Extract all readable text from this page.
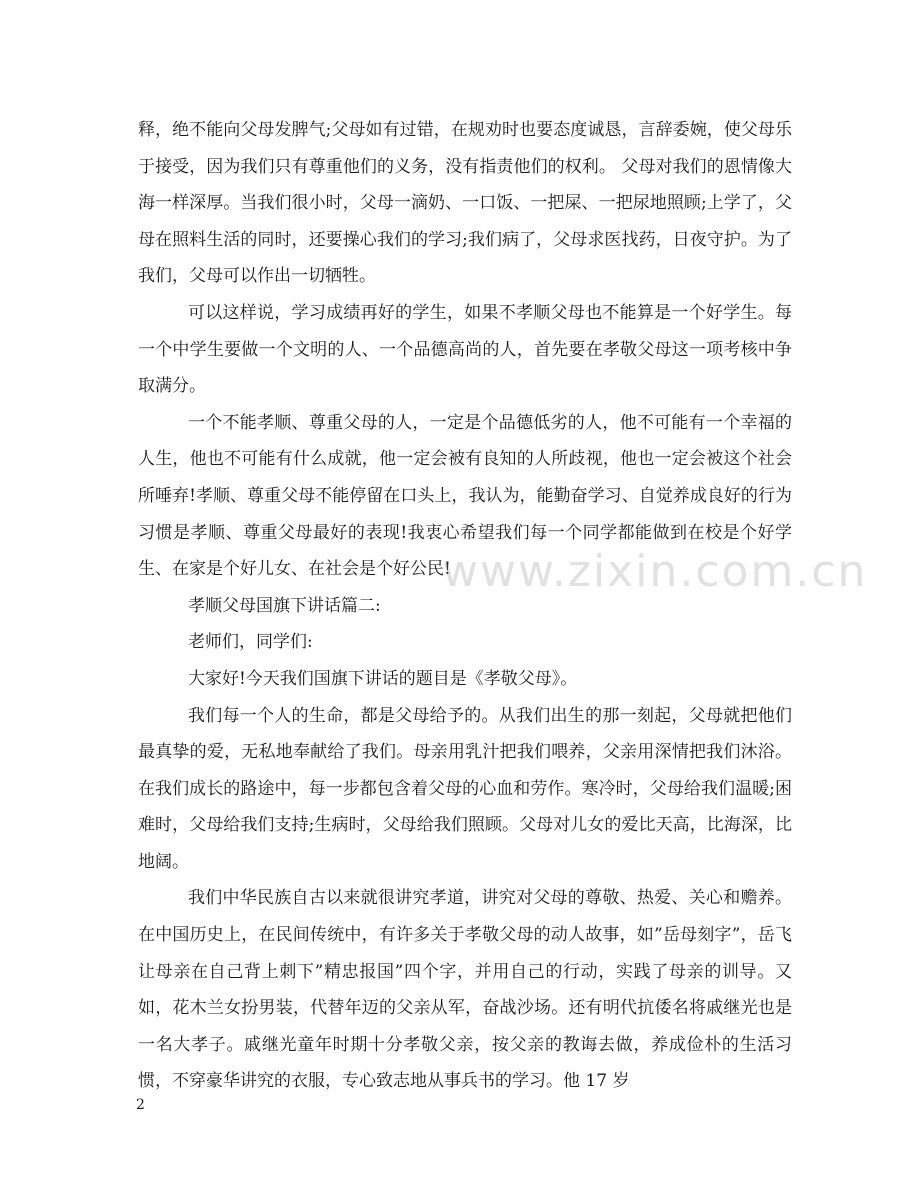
释，绝不能向父母发脾气;父母如有过错，在规劝时也要态度诚恳，言辞委婉，使父母乐于接受，因为我们只有尊重他们的义务，没有指责他们的权利。 父母对我们的恩情像大海一样深厚。当我们很小时，父母一滴奶、一口饭、一把屎、一把尿地照顾;上学了，父母在照料生活的同时，还要操心我们的学习;我们病了，父母求医找药，日夜守护。为了我们，父母可以作出一切牺牲。

可以这样说，学习成绩再好的学生，如果不孝顺父母也不能算是一个好学生。每一个中学生要做一个文明的人、一个品德高尚的人，首先要在孝敬父母这一项考核中争取满分。

一个不能孝顺、尊重父母的人，一定是个品德低劣的人，他不可能有一个幸福的人生，他也不可能有什么成就，他一定会被有良知的人所歧视，他也一定会被这个社会所唾弃!孝顺、尊重父母不能停留在口头上，我认为，能勤奋学习、自觉养成良好的行为习惯是孝顺、尊重父母最好的表现!我衷心希望我们每一个同学都能做到在校是个好学生、在家是个好儿女、在社会是个好公民!

孝顺父母国旗下讲话篇二:

老师们，同学们:

大家好!今天我们国旗下讲话的题目是《孝敬父母》。

我们每一个人的生命，都是父母给予的。从我们出生的那一刻起，父母就把他们最真挚的爱，无私地奉献给了我们。母亲用乳汁把我们喂养，父亲用深情把我们沐浴。在我们成长的路途中，每一步都包含着父母的心血和劳作。寒冷时，父母给我们温暖;困难时，父母给我们支持;生病时，父母给我们照顾。父母对儿女的爱比天高，比海深，比地阔。

我们中华民族自古以来就很讲究孝道，讲究对父母的尊敬、热爱、关心和赡养。在中国历史上，在民间传统中，有许多关于孝敬父母的动人故事，如”岳母刻字”，岳飞让母亲在自己背上刺下”精忠报国”四个字，并用自己的行动，实践了母亲的训导。又如，花木兰女扮男装，代替年迈的父亲从军，奋战沙场。还有明代抗倭名将戚继光也是一名大孝子。戚继光童年时期十分孝敬父亲，按父亲的教诲去做，养成俭朴的生活习惯，不穿豪华讲究的衣服，专心致志地从事兵书的学习。他 17 岁

www.zixin.com.cn
2
